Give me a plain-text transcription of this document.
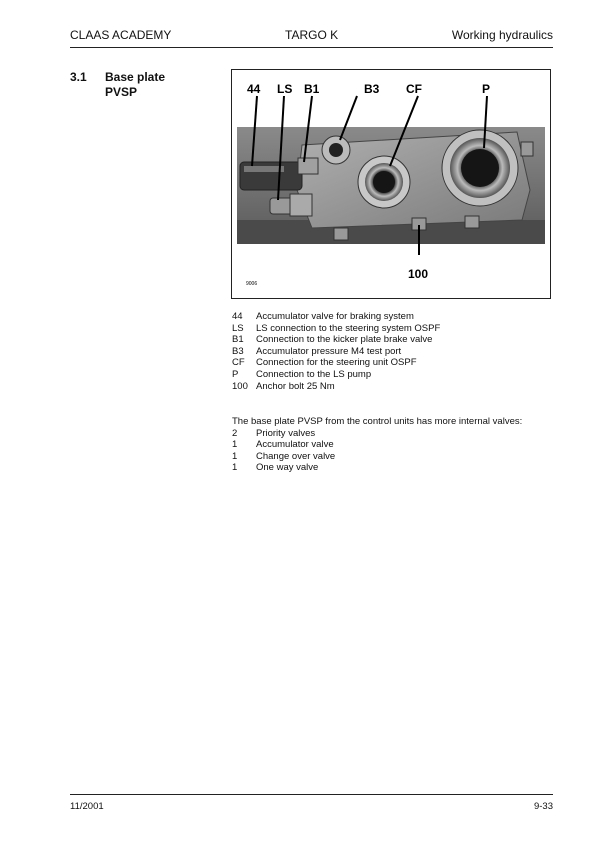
CLAAS ACADEMY	TARGO K	Working hydraulics
3.1 Base plate
PVSP	44 LS B1	B3 CF	P
100
9006
44 Accumulator valve for braking system
LS LS connection to the steering system OSPF
B1 Connection to the kicker plate brake valve
B3 Accumulator pressure M4 test port
CF Connection for the steering unit OSPF
P Connection to the LS pump
100 Anchor bolt 25 Nm
The base plate PVSP from the control units has more internal valves:
2 Priority valves
1 Accumulator valve
1 Change over valve
1 One way valve
11/2001	9-33
